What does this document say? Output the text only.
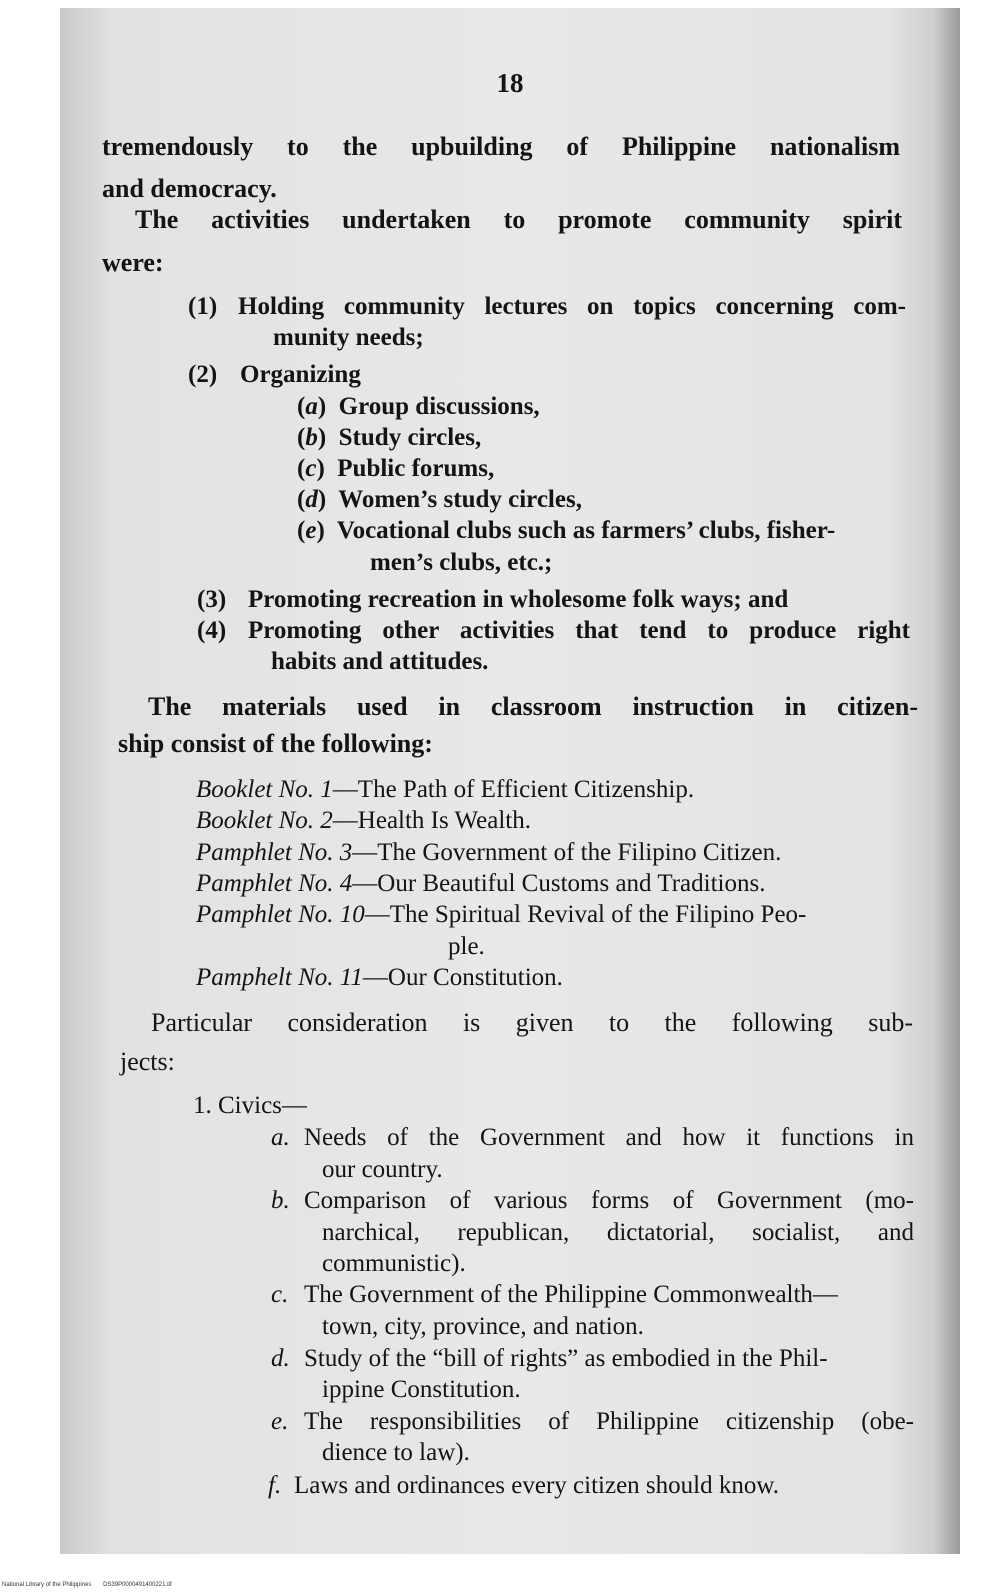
18
tremendously to the upbuilding of Philippine nationalism
and democracy.
The activities undertaken to promote community spirit
were:
(1) Holding community lectures on topics concerning com-
munity needs;
(2) Organizing
(a)  Group discussions,
(b)  Study circles,
(c)  Public forums,
(d)  Women’s study circles,
(e)  Vocational clubs such as farmers’ clubs, fisher-
men’s clubs, etc.;
(3) Promoting recreation in wholesome folk ways; and
(4) Promoting other activities that tend to produce right
habits and attitudes.
The materials used in classroom instruction in citizen-
ship consist of the following:
Booklet No. 1—The Path of Efficient Citizenship.
Booklet No. 2—Health Is Wealth.
Pamphlet No. 3—The Government of the Filipino Citizen.
Pamphlet No. 4—Our Beautiful Customs and Traditions.
Pamphlet No. 10—The Spiritual Revival of the Filipino Peo-
ple.
Pamphelt No. 11—Our Constitution.
Particular consideration is given to the following sub-
jects:
1. Civics—
a. Needs of the Government and how it functions in
our country.
b. Comparison of various forms of Government (mo-
narchical, republican, dictatorial, socialist, and
communistic).
c. The Government of the Philippine Commonwealth—
town, city, province, and nation.
d. Study of the “bill of rights” as embodied in the Phil-
ippine Constitution.
e. The responsibilities of Philippine citizenship (obe-
dience to law).
f. Laws and ordinances every citizen should know.
National Library of the Philippines DS39P0000491400221.tif
